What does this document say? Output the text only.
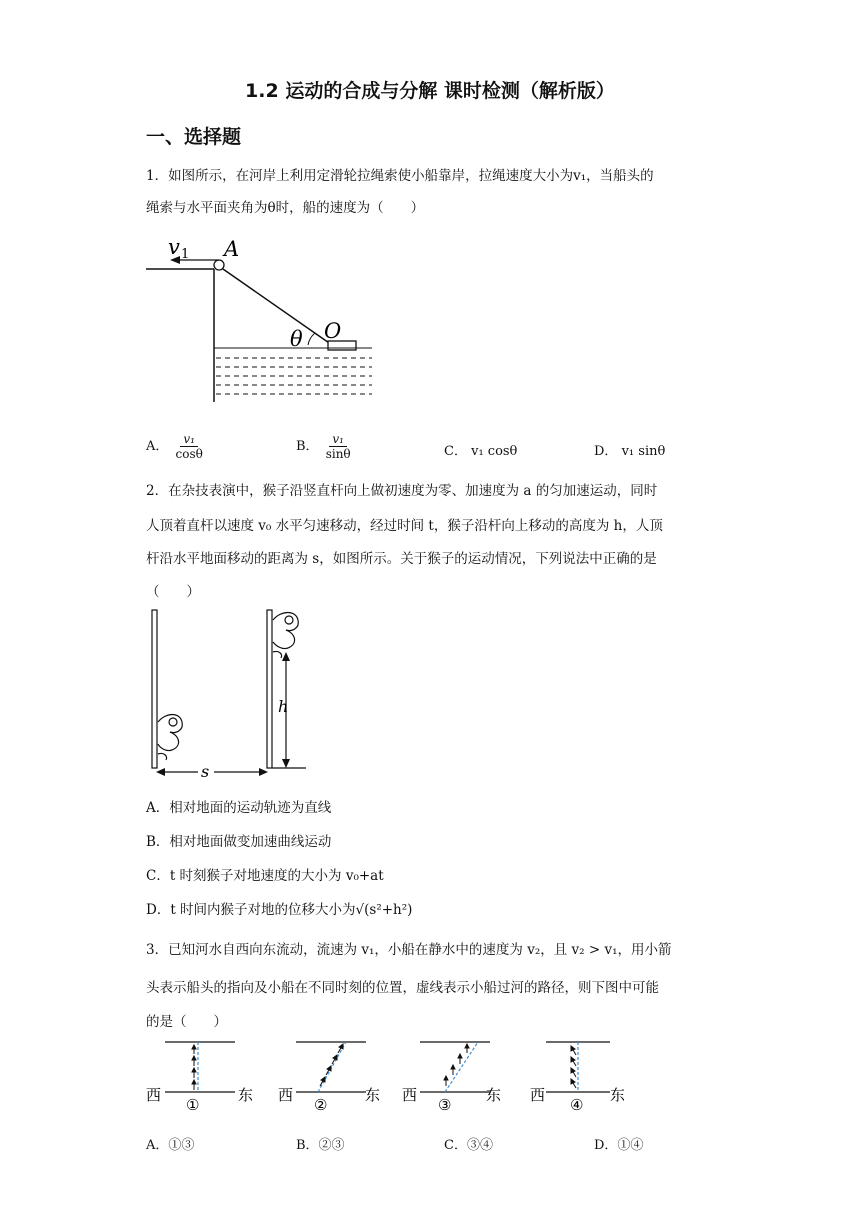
1.2 运动的合成与分解 课时检测（解析版）
一、选择题
1．如图所示，在河岸上利用定滑轮拉绳索使小船靠岸，拉绳速度大小为v₁，当船头的
绳索与水平面夹角为θ时，船的速度为（　　）
v 1 A
O
θ
A． $\frac{\text{v₁}}{\cos\theta}$	B． $\frac{\text{v₁}}{\sin\theta}$	C． v₁ cosθ	D． v₁ sinθ
2．在杂技表演中，猴子沿竖直杆向上做初速度为零、加速度为 a 的匀加速运动，同时
人顶着直杆以速度 v₀ 水平匀速移动，经过时间 t，猴子沿杆向上移动的高度为 h，人顶
杆沿水平地面移动的距离为 s，如图所示。关于猴子的运动情况，下列说法中正确的是
（　　）
h
s
A．相对地面的运动轨迹为直线
B．相对地面做变加速曲线运动
C．t 时刻猴子对地速度的大小为 v₀+at
D．t 时间内猴子对地的位移大小为√(s²+h²)
3．已知河水自西向东流动，流速为 v₁，小船在静水中的速度为 v₂，且 v₂ > v₁，用小箭
头表示船头的指向及小船在不同时刻的位置，虚线表示小船过河的路径，则下图中可能
的是（　　）
西	东
①
西	东
②
西	东
③
西	东
④
A．①③	B．②③	C．③④	D．①④
